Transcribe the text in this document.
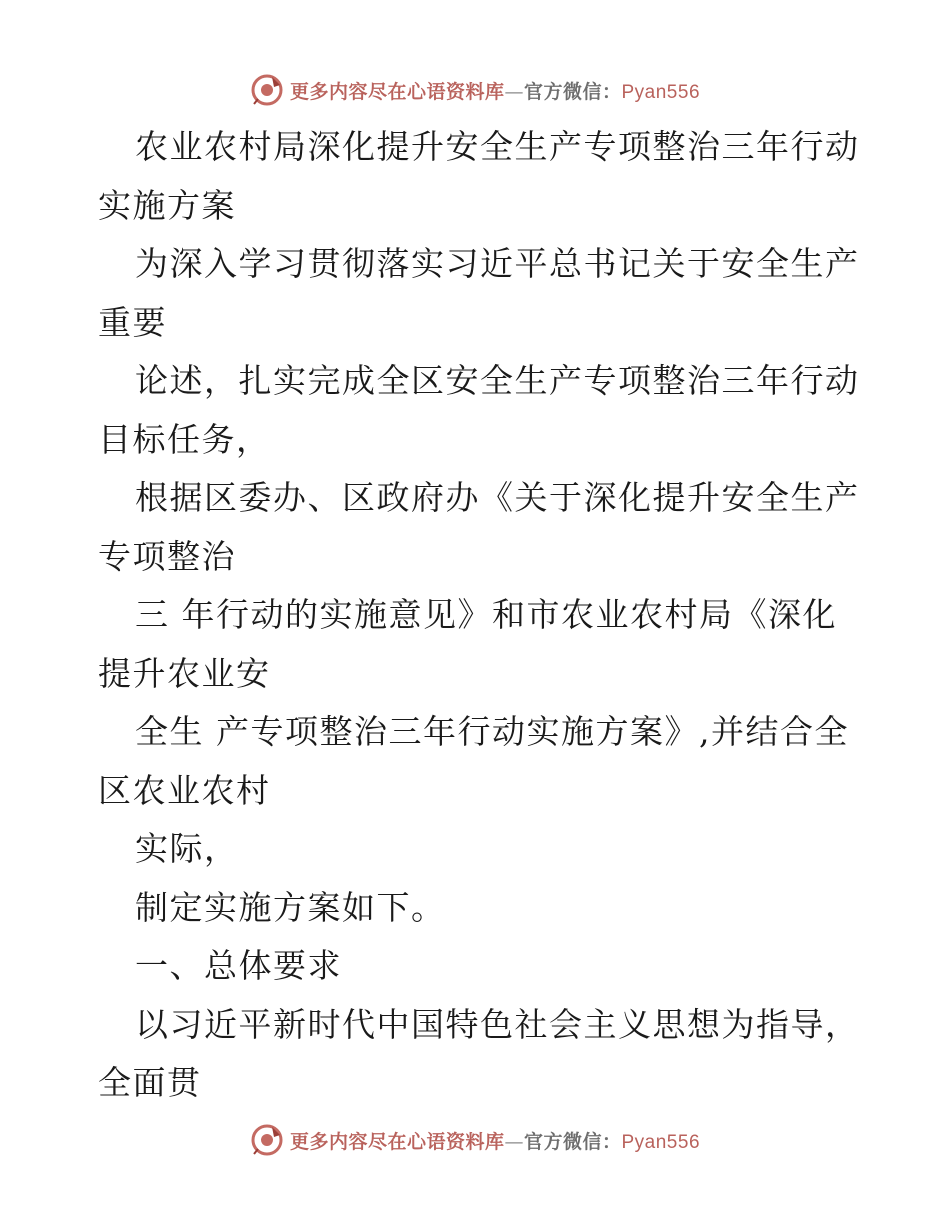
更多内容尽在心语资料库—官方微信：Pyan556
农业农村局深化提升安全生产专项整治三年行动
实施方案
为深入学习贯彻落实习近平总书记关于安全生产
重要
论述，扎实完成全区安全生产专项整治三年行动
目标任务，
根据区委办、区政府办《关于深化提升安全生产
专项整治
三 年行动的实施意见》和市农业农村局《深化
提升农业安
全生 产专项整治三年行动实施方案》,并结合全
区农业农村
实际，
制定实施方案如下。
一、总体要求
以习近平新时代中国特色社会主义思想为指导，
全面贯
更多内容尽在心语资料库—官方微信：Pyan556
